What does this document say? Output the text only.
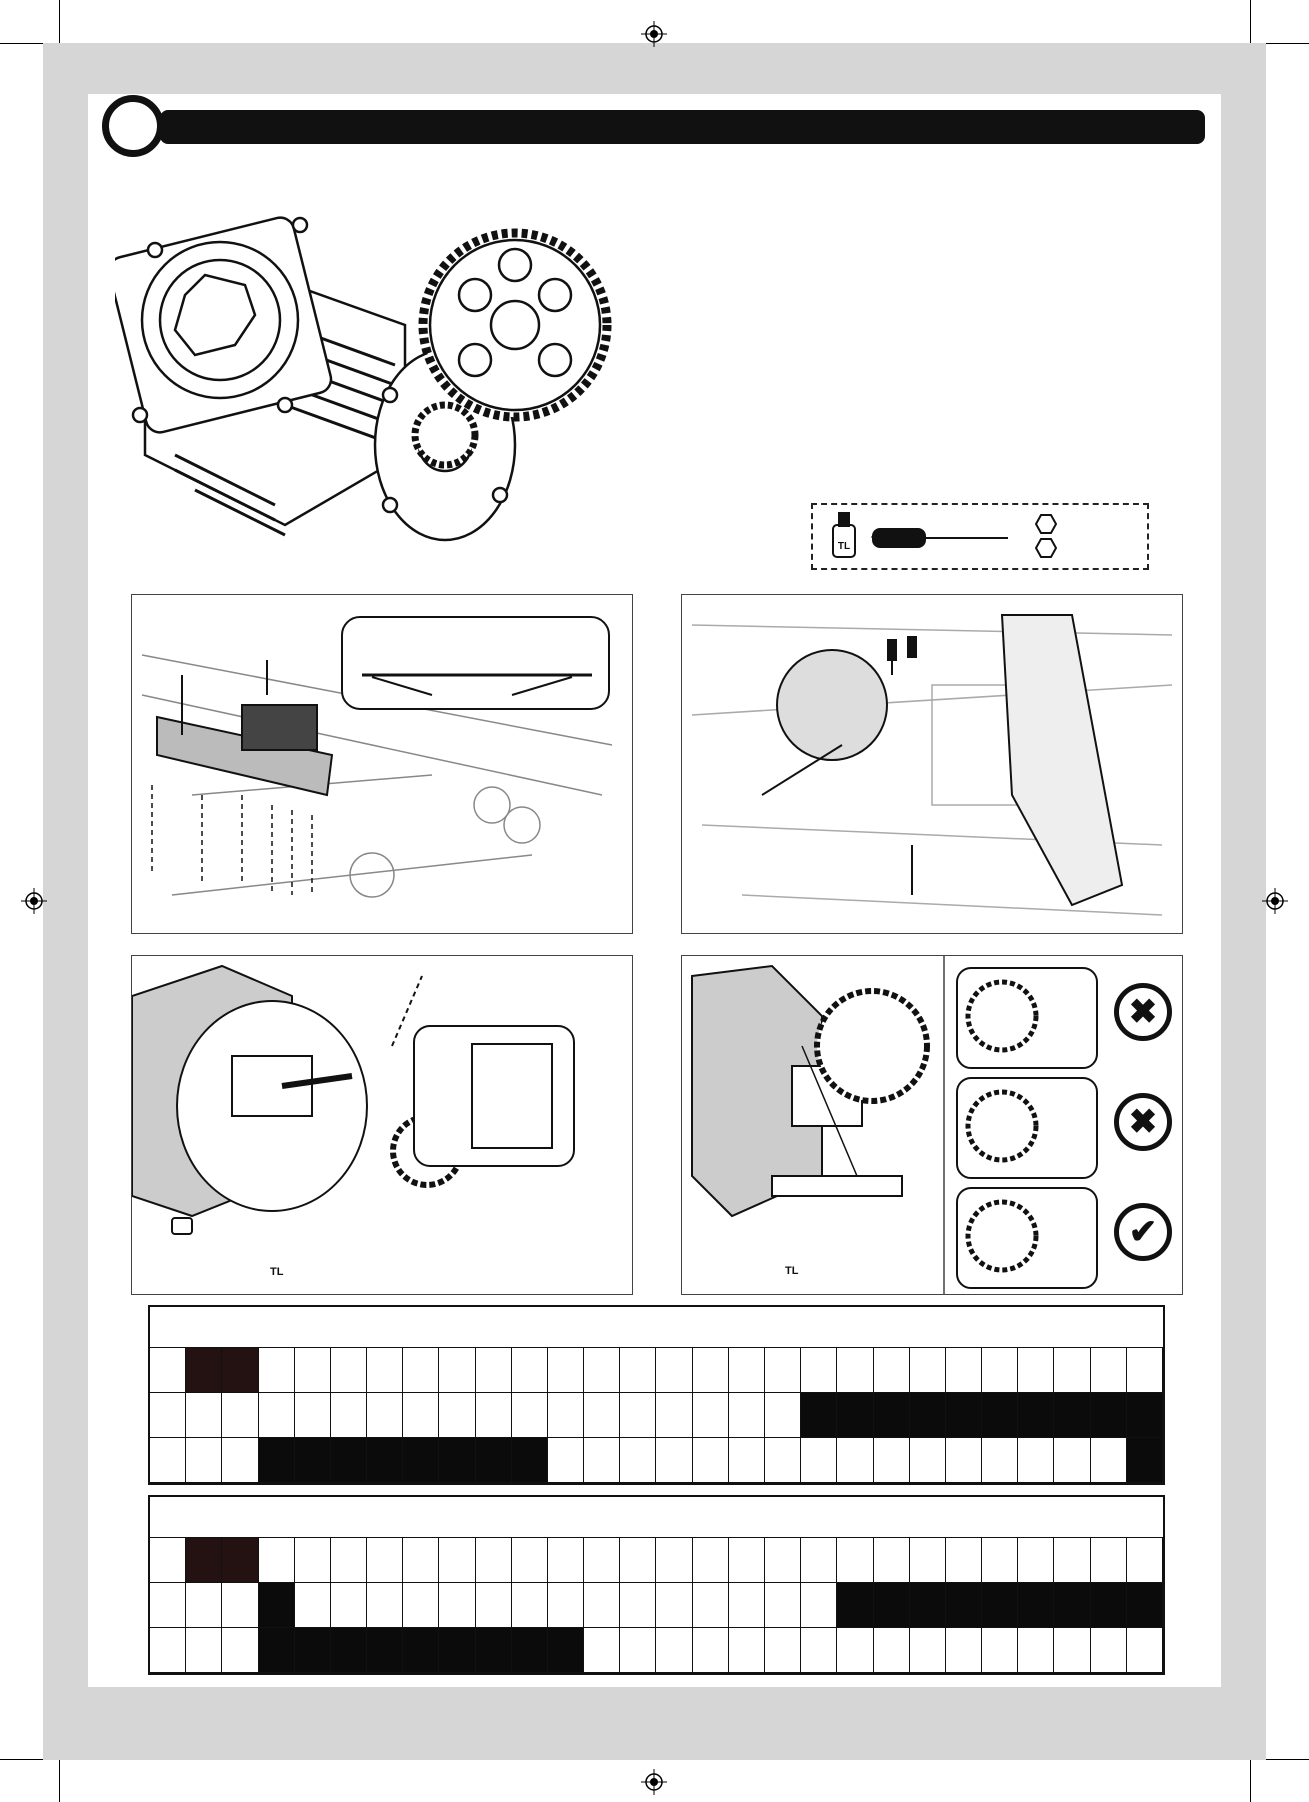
TL
TL	TL
✖
✖
✔
